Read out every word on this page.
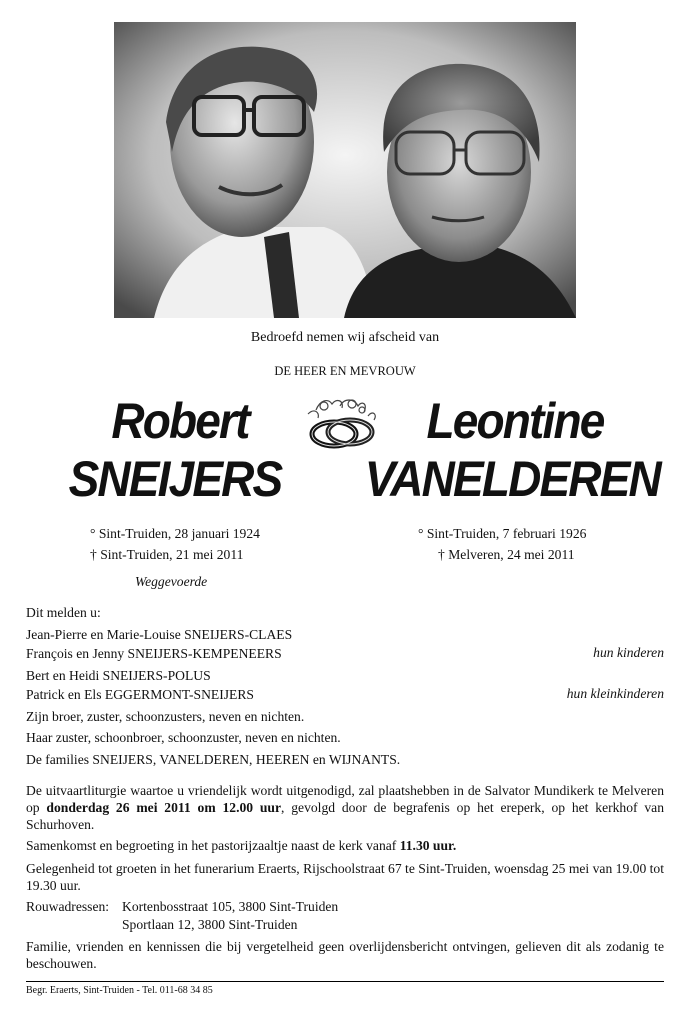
Bedroefd nemen wij afscheid van
DE HEER EN MEVROUW
Robert
SNEIJERS
Leontine
VANELDEREN
° Sint-Truiden, 28 januari 1924
† Sint-Truiden, 21 mei 2011
Weggevoerde
° Sint-Truiden, 7 februari 1926
† Melveren, 24 mei 2011
Dit melden u:
Jean-Pierre en Marie-Louise SNEIJERS-CLAES
François en Jenny SNEIJERS-KEMPENEERS	hun kinderen
Bert en Heidi SNEIJERS-POLUS
Patrick en Els EGGERMONT-SNEIJERS	hun kleinkinderen
Zijn broer, zuster, schoonzusters, neven en nichten.
Haar zuster, schoonbroer, schoonzuster, neven en nichten.
De families SNEIJERS, VANELDEREN, HEEREN en WIJNANTS.
De uitvaartliturgie waartoe u vriendelijk wordt uitgenodigd, zal plaatshebben in de Salvator Mundikerk te Melveren op donderdag 26 mei 2011 om 12.00 uur, gevolgd door de begrafenis op het ereperk, op het kerkhof van Schurhoven.
Samenkomst en begroeting in het pastorijzaaltje naast de kerk vanaf 11.30 uur.
Gelegenheid tot groeten in het funerarium Eraerts, Rijschoolstraat 67 te Sint-Truiden, woensdag 25 mei van 19.00 tot 19.30 uur.
Rouwadressen: Kortenbosstraat 105, 3800 Sint-Truiden
Sportlaan 12, 3800 Sint-Truiden
Familie, vrienden en kennissen die bij vergetelheid geen overlijdensbericht ontvingen, gelieven dit als zodanig te beschouwen.
Begr. Eraerts, Sint-Truiden - Tel. 011-68 34 85
